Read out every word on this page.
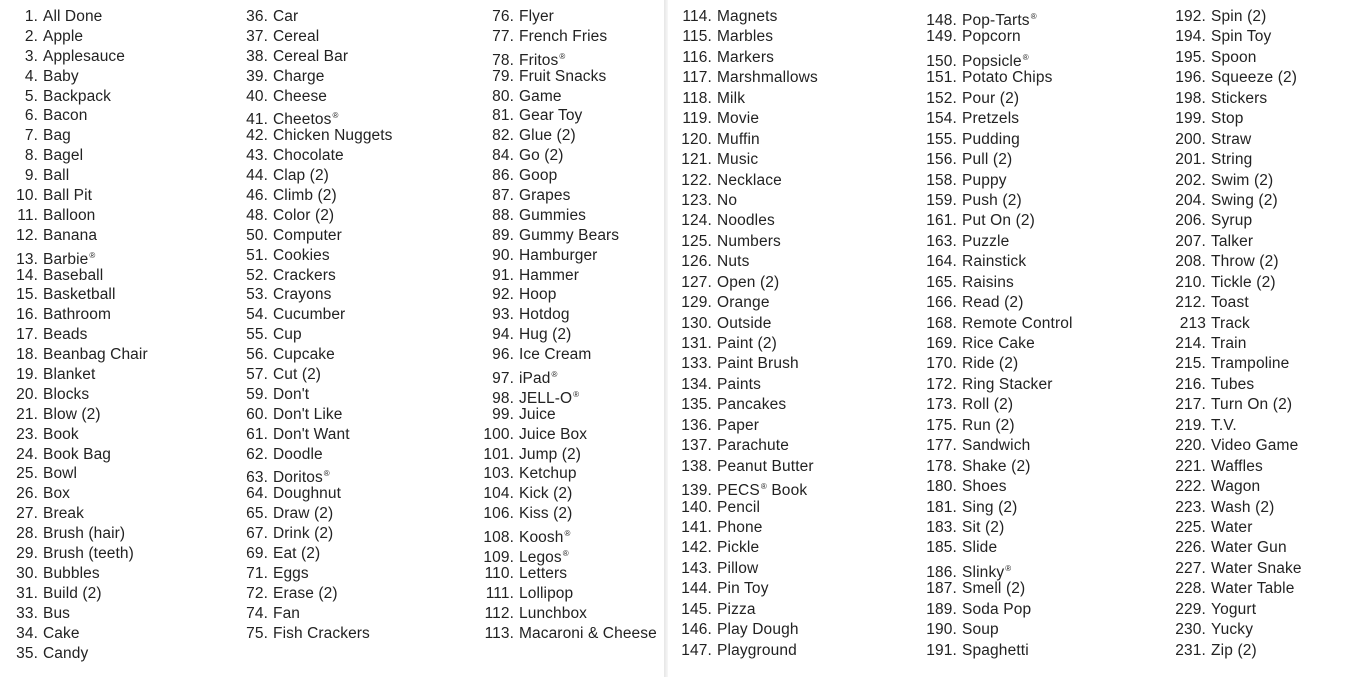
1. All Done
2. Apple
3. Applesauce
4. Baby
5. Backpack
6. Bacon
7. Bag
8. Bagel
9. Ball
10. Ball Pit
11. Balloon
12. Banana
13. Barbie®
14. Baseball
15. Basketball
16. Bathroom
17. Beads
18. Beanbag Chair
19. Blanket
20. Blocks
21. Blow (2)
23. Book
24. Book Bag
25. Bowl
26. Box
27. Break
28. Brush (hair)
29. Brush (teeth)
30. Bubbles
31. Build (2)
33. Bus
34. Cake
35. Candy
36. Car
37. Cereal
38. Cereal Bar
39. Charge
40. Cheese
41. Cheetos®
42. Chicken Nuggets
43. Chocolate
44. Clap (2)
46. Climb (2)
48. Color (2)
50. Computer
51. Cookies
52. Crackers
53. Crayons
54. Cucumber
55. Cup
56. Cupcake
57. Cut (2)
59. Don't
60. Don't Like
61. Don't Want
62. Doodle
63. Doritos®
64. Doughnut
65. Draw (2)
67. Drink (2)
69. Eat (2)
71. Eggs
72. Erase (2)
74. Fan
75. Fish Crackers
76. Flyer
77. French Fries
78. Fritos®
79. Fruit Snacks
80. Game
81. Gear Toy
82. Glue (2)
84. Go (2)
86. Goop
87. Grapes
88. Gummies
89. Gummy Bears
90. Hamburger
91. Hammer
92. Hoop
93. Hotdog
94. Hug (2)
96. Ice Cream
97. iPad®
98. JELL-O®
99. Juice
100. Juice Box
101. Jump (2)
103. Ketchup
104. Kick (2)
106. Kiss (2)
108. Koosh®
109. Legos®
110. Letters
111. Lollipop
112. Lunchbox
113. Macaroni & Cheese
114. Magnets
115. Marbles
116. Markers
117. Marshmallows
118. Milk
119. Movie
120. Muffin
121. Music
122. Necklace
123. No
124. Noodles
125. Numbers
126. Nuts
127. Open (2)
129. Orange
130. Outside
131. Paint (2)
133. Paint Brush
134. Paints
135. Pancakes
136. Paper
137. Parachute
138. Peanut Butter
139. PECS® Book
140. Pencil
141. Phone
142. Pickle
143. Pillow
144. Pin Toy
145. Pizza
146. Play Dough
147. Playground
148. Pop-Tarts®
149. Popcorn
150. Popsicle®
151. Potato Chips
152. Pour (2)
154. Pretzels
155. Pudding
156. Pull (2)
158. Puppy
159. Push (2)
161. Put On (2)
163. Puzzle
164. Rainstick
165. Raisins
166. Read (2)
168. Remote Control
169. Rice Cake
170. Ride (2)
172. Ring Stacker
173. Roll (2)
175. Run (2)
177. Sandwich
178. Shake (2)
180. Shoes
181. Sing (2)
183. Sit (2)
185. Slide
186. Slinky®
187. Smell (2)
189. Soda Pop
190. Soup
191. Spaghetti
192. Spin (2)
194. Spin Toy
195. Spoon
196. Squeeze (2)
198. Stickers
199. Stop
200. Straw
201. String
202. Swim (2)
204. Swing (2)
206. Syrup
207. Talker
208. Throw (2)
210. Tickle (2)
212. Toast
213 Track
214. Train
215. Trampoline
216. Tubes
217. Turn On (2)
219. T.V.
220. Video Game
221. Waffles
222. Wagon
223. Wash (2)
225. Water
226. Water Gun
227. Water Snake
228. Water Table
229. Yogurt
230. Yucky
231. Zip (2)
